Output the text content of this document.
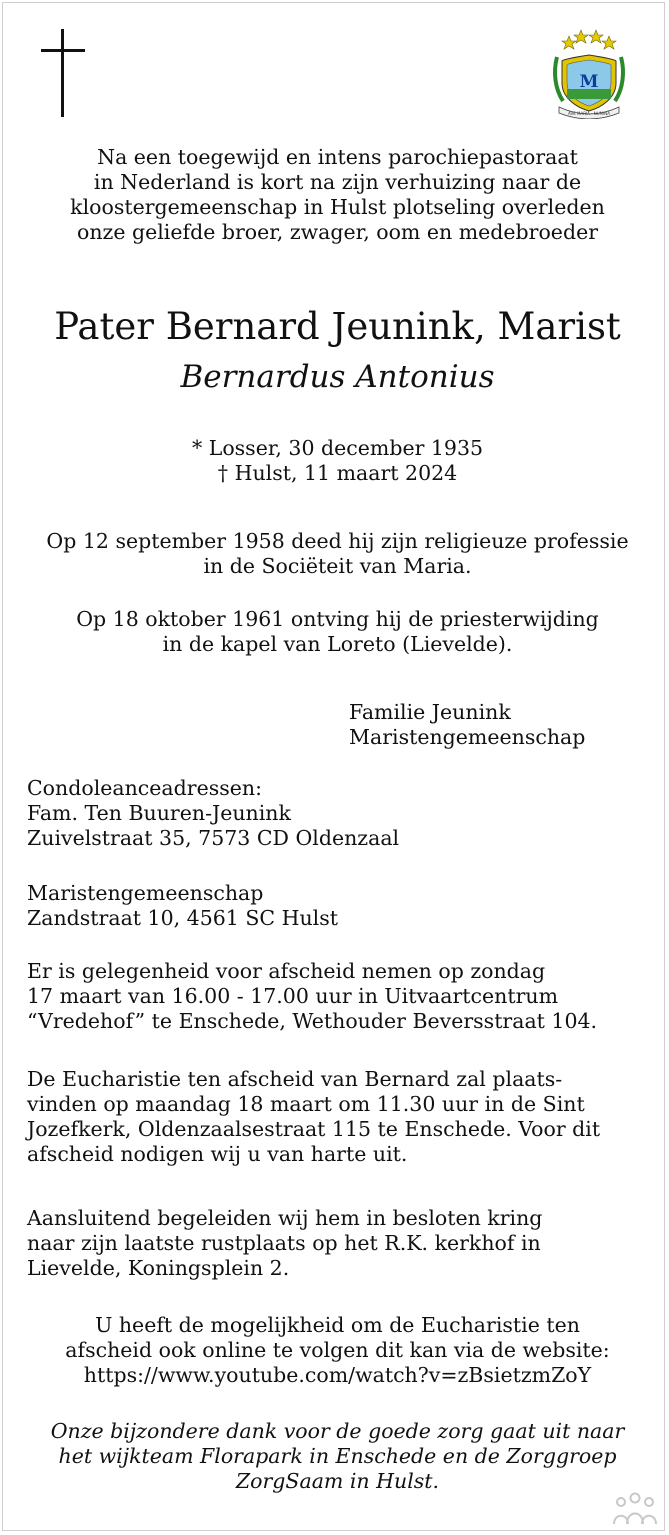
M
AVE MARIA · NUMINA
Na een toegewijd en intens parochiepastoraat
in Nederland is kort na zijn verhuizing naar de
kloostergemeenschap in Hulst plotseling overleden
onze geliefde broer, zwager, oom en medebroeder
Pater Bernard Jeunink, Marist
Bernardus Antonius
* Losser, 30 december 1935
† Hulst, 11 maart 2024
Op 12 september 1958 deed hij zijn religieuze professie
in de Sociëteit van Maria.
Op 18 oktober 1961 ontving hij de priesterwijding
in de kapel van Loreto (Lievelde).
Familie Jeunink
Maristengemeenschap
Condoleanceadressen:
Fam. Ten Buuren-Jeunink
Zuivelstraat 35, 7573 CD Oldenzaal
Maristengemeenschap
Zandstraat 10, 4561 SC Hulst
Er is gelegenheid voor afscheid nemen op zondag
17 maart van 16.00 - 17.00 uur in Uitvaartcentrum
“Vredehof” te Enschede, Wethouder Beversstraat 104.
De Eucharistie ten afscheid van Bernard zal plaats-
vinden op maandag 18 maart om 11.30 uur in de Sint
Jozefkerk, Oldenzaalsestraat 115 te Enschede. Voor dit
afscheid nodigen wij u van harte uit.
Aansluitend begeleiden wij hem in besloten kring
naar zijn laatste rustplaats op het R.K. kerkhof in
Lievelde, Koningsplein 2.
U heeft de mogelijkheid om de Eucharistie ten
afscheid ook online te volgen dit kan via de website:
https://www.youtube.com/watch?v=zBsietzmZoY
Onze bijzondere dank voor de goede zorg gaat uit naar
het wijkteam Florapark in Enschede en de Zorggroep
ZorgSaam in Hulst.
